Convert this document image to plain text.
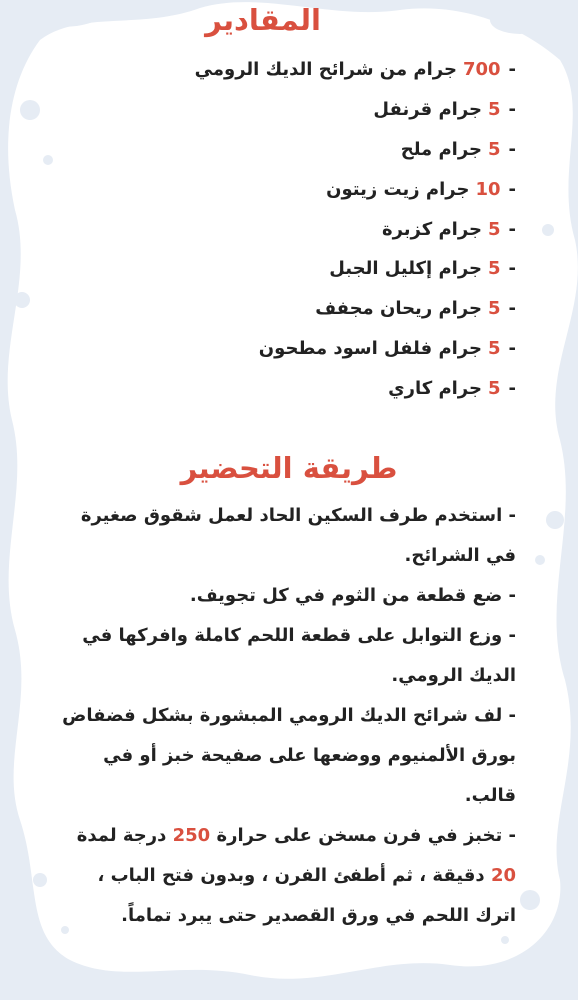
المقادير
-
700
جرام من شرائح الديك الرومي
-
5
جرام قرنفل
-
5
جرام ملح
-
10
جرام زيت زيتون
-
5
جرام كزبرة
-
5
جرام إكليل الجبل
-
5
جرام ريحان مجفف
-
5
جرام فلفل اسود مطحون
-
5
جرام كاري
طريقة التحضير

- استخدم طرف السكين الحاد لعمل شقوق صغيرة في الشرائح.

- ضع قطعة من الثوم في كل تجويف.

- وزع التوابل على قطعة اللحم كاملة وافركها في الديك الرومي.

- لف شرائح الديك الرومي المبشورة بشكل فضفاض بورق الألمنيوم ووضعها على صفيحة خبز أو في قالب.

- تخبز في فرن مسخن على حرارة 250 درجة لمدة 20 دقيقة ، ثم أطفئ الفرن ، وبدون فتح الباب ، اترك اللحم في ورق القصدير حتى يبرد تماماً.
